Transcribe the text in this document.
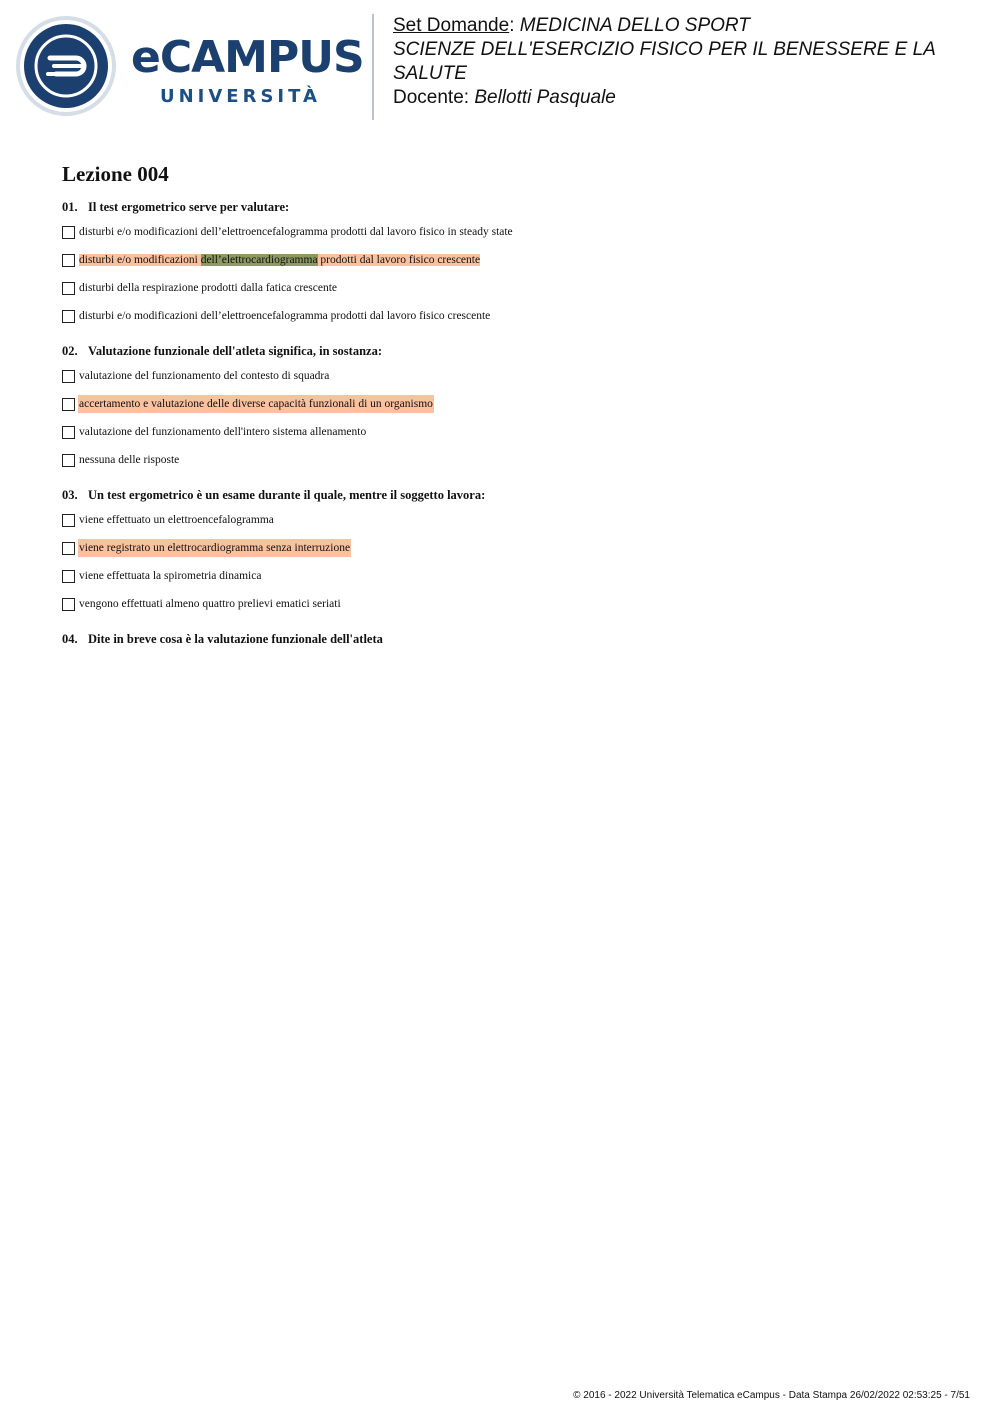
eCAMPUS
UNIVERSITÀ

Set Domande: MEDICINA DELLO SPORT

SCIENZE DELL'ESERCIZIO FISICO PER IL BENESSERE E LA

SALUTE

Docente: Bellotti Pasquale

Lezione 004

01. Il test ergometrico serve per valutare:

disturbi e/o modificazioni dell’elettroencefalogramma prodotti dal lavoro fisico in steady state
disturbi e/o modificazioni dell’elettrocardiogramma prodotti dal lavoro fisico crescente
disturbi della respirazione prodotti dalla fatica crescente
disturbi e/o modificazioni dell’elettroencefalogramma prodotti dal lavoro fisico crescente

02. Valutazione funzionale dell'atleta significa, in sostanza:

valutazione del funzionamento del contesto di squadra
accertamento e valutazione delle diverse capacità funzionali di un organismo
valutazione del funzionamento dell'intero sistema allenamento
nessuna delle risposte

03. Un test ergometrico è un esame durante il quale, mentre il soggetto lavora:

viene effettuato un elettroencefalogramma
viene registrato un elettrocardiogramma senza interruzione
viene effettuata la spirometria dinamica
vengono effettuati almeno quattro prelievi ematici seriati

04. Dite in breve cosa è la valutazione funzionale dell'atleta

© 2016 - 2022 Università Telematica eCampus - Data Stampa 26/02/2022 02:53:25 - 7/51
